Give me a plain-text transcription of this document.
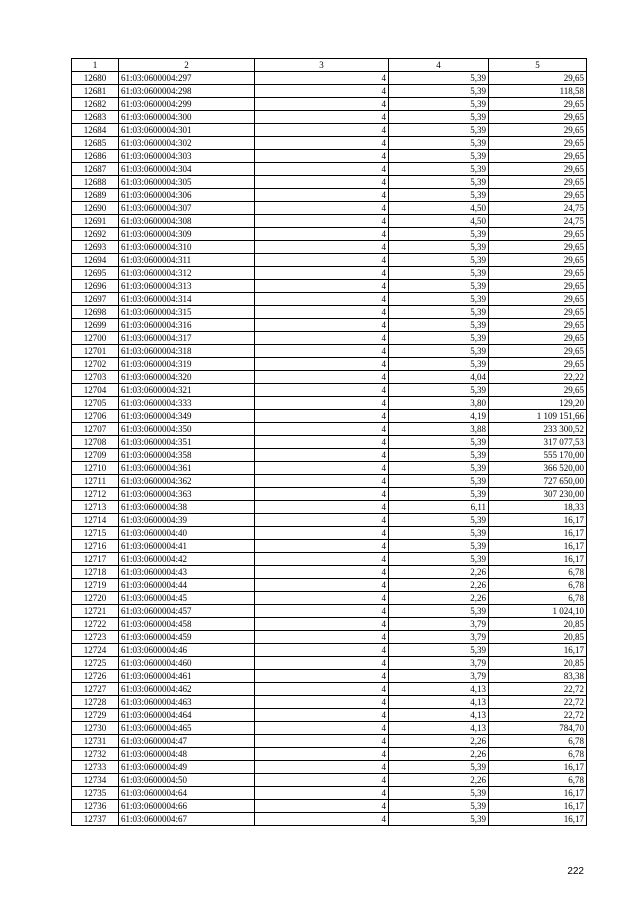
1	2	3	4	5
12680	61:03:0600004:297	4	5,39	29,65
12681	61:03:0600004:298	4	5,39	118,58
12682	61:03:0600004:299	4	5,39	29,65
12683	61:03:0600004:300	4	5,39	29,65
12684	61:03:0600004:301	4	5,39	29,65
12685	61:03:0600004:302	4	5,39	29,65
12686	61:03:0600004:303	4	5,39	29,65
12687	61:03:0600004:304	4	5,39	29,65
12688	61:03:0600004:305	4	5,39	29,65
12689	61:03:0600004:306	4	5,39	29,65
12690	61:03:0600004:307	4	4,50	24,75
12691	61:03:0600004:308	4	4,50	24,75
12692	61:03:0600004:309	4	5,39	29,65
12693	61:03:0600004:310	4	5,39	29,65
12694	61:03:0600004:311	4	5,39	29,65
12695	61:03:0600004:312	4	5,39	29,65
12696	61:03:0600004:313	4	5,39	29,65
12697	61:03:0600004:314	4	5,39	29,65
12698	61:03:0600004:315	4	5,39	29,65
12699	61:03:0600004:316	4	5,39	29,65
12700	61:03:0600004:317	4	5,39	29,65
12701	61:03:0600004:318	4	5,39	29,65
12702	61:03:0600004:319	4	5,39	29,65
12703	61:03:0600004:320	4	4,04	22,22
12704	61:03:0600004:321	4	5,39	29,65
12705	61:03:0600004:333	4	3,80	129,20
12706	61:03:0600004:349	4	4,19	1 109 151,66
12707	61:03:0600004:350	4	3,88	233 300,52
12708	61:03:0600004:351	4	5,39	317 077,53
12709	61:03:0600004:358	4	5,39	555 170,00
12710	61:03:0600004:361	4	5,39	366 520,00
12711	61:03:0600004:362	4	5,39	727 650,00
12712	61:03:0600004:363	4	5,39	307 230,00
12713	61:03:0600004:38	4	6,11	18,33
12714	61:03:0600004:39	4	5,39	16,17
12715	61:03:0600004:40	4	5,39	16,17
12716	61:03:0600004:41	4	5,39	16,17
12717	61:03:0600004:42	4	5,39	16,17
12718	61:03:0600004:43	4	2,26	6,78
12719	61:03:0600004:44	4	2,26	6,78
12720	61:03:0600004:45	4	2,26	6,78
12721	61:03:0600004:457	4	5,39	1 024,10
12722	61:03:0600004:458	4	3,79	20,85
12723	61:03:0600004:459	4	3,79	20,85
12724	61:03:0600004:46	4	5,39	16,17
12725	61:03:0600004:460	4	3,79	20,85
12726	61:03:0600004:461	4	3,79	83,38
12727	61:03:0600004:462	4	4,13	22,72
12728	61:03:0600004:463	4	4,13	22,72
12729	61:03:0600004:464	4	4,13	22,72
12730	61:03:0600004:465	4	4,13	784,70
12731	61:03:0600004:47	4	2,26	6,78
12732	61:03:0600004:48	4	2,26	6,78
12733	61:03:0600004:49	4	5,39	16,17
12734	61:03:0600004:50	4	2,26	6,78
12735	61:03:0600004:64	4	5,39	16,17
12736	61:03:0600004:66	4	5,39	16,17
12737	61:03:0600004:67	4	5,39	16,17
222
